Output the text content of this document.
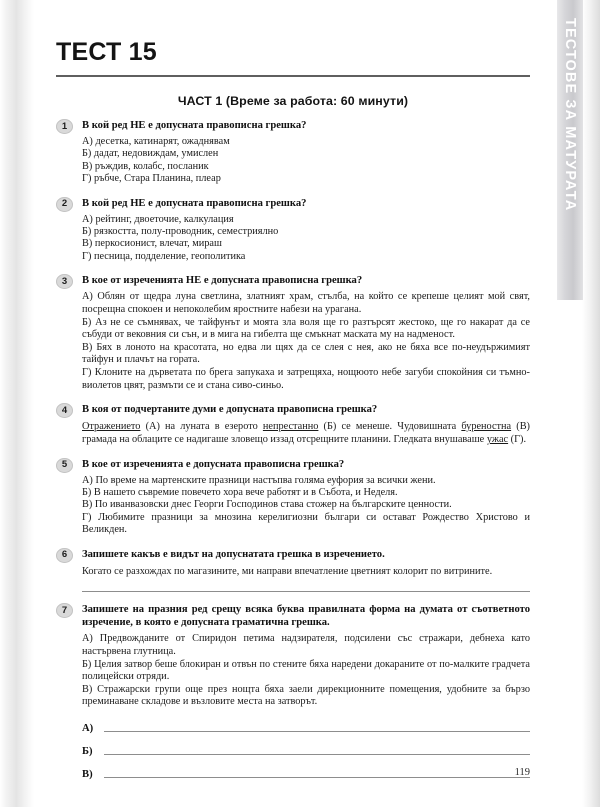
ТЕСТОВЕ ЗА МАТУРАТА
ТЕСТ 15
ЧАСТ 1 (Време за работа: 60 минути)
1	В кой ред НЕ е допусната правописна грешка?

А) десетка, катинарят, ожаднявам

Б) дадат, недовиждам, умислен

В) ръждив, колабс, посланик

Г) ръбче, Стара Планина, плеар

2	В кой ред НЕ е допусната правописна грешка?

А) рейтинг, двоеточие, калкулация

Б) рязкостта, полу-проводник, семестриялно

В) перкосионист, влечат, мираш

Г) песница, подделение, геополитика

3	В кое от изреченията НЕ е допусната правописна грешка?

А) Облян от щедра луна светлина, златният храм, стълба, на който се крепеше целият мой свят, посрещна спокоен и непоколебим яростните набези на урагана.

Б) Аз не се съмнявах, че тайфунът и моята зла воля ще го разтърсят жестоко, ще го накарат да се събуди от вековния си сън, и в мига на гибелта ще смъкнат маската му на надменост.

В) Бях в лоното на красотата, но едва ли щях да се слея с нея, ако не бяха все по-неудържимият тайфун и плачът на гората.

Г) Клоните на дърветата по брега запукаха и затрещяха, нощюото небе загуби спокойния си тъмно-виолетов цвят, размъти се и стана сиво-синьо.

4	В коя от подчертаните думи е допусната правописна грешка?
Отражението (А) на луната в езерото непрестанно (Б) се менеше. Чудовишната буреностна (В) грамада на облаците се надигаше зловещо иззад отсрещните планини. Гледката внушаваше ужас (Г).
5	В кое от изреченията е допусната правописна грешка?

А) По време на мартенските празници настъпва голяма еуфория за всички жени.

Б) В нашето съвремие повечето хора вече работят и в Събота, и Неделя.

В) По иванвазовски днес Георги Господинов става стожер на българските ценности.

Г) Любимите празници за мнозина керелигиозни българи си остават Рождество Христово и Великден.

6	Запишете какъв е видът на допуснатата грешка в изречението.
Когато се разхождах по магазините, ми направи впечатление цветният колорит по витрините.
7	Запишете на празния ред срещу всяка буква правилната форма на думата от съответното изречение, в която е допусната граматична грешка.

А) Предвожданите от Спиридон петима надзирателя, подсилени със стражари, дебнеха като настървена глутница.

Б) Целия затвор беше блокиран и отвън по стените бяха наредени докараните от по-малките градчета полицейски отряди.

В) Стражарски групи още през нощта бяха заели дирекционните помещения, удобните за бързо преминаване складове и възловите места на затворът.

А)
Б)
В)	119
